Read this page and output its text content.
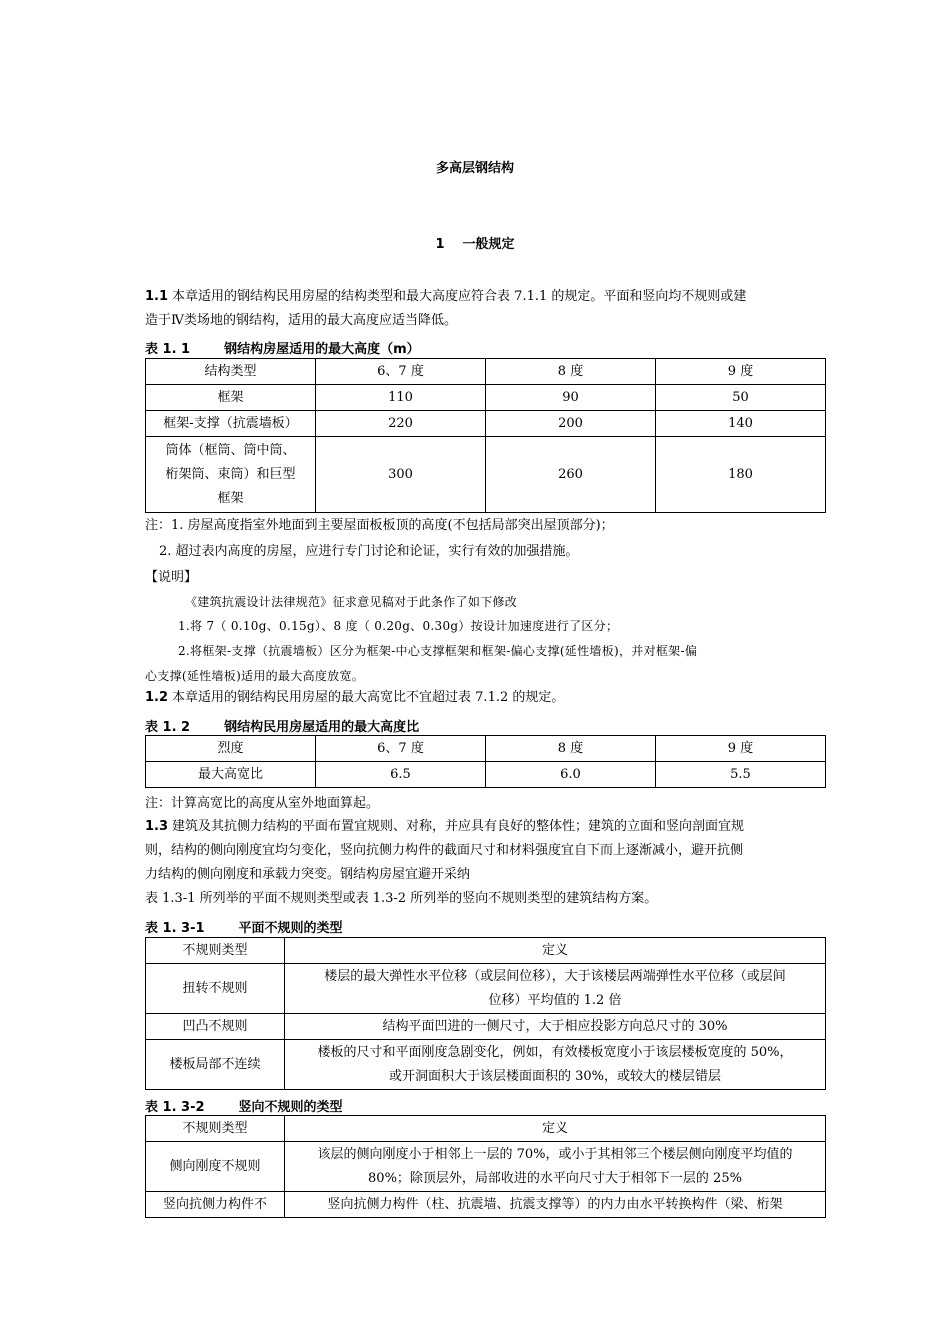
多高层钢结构
1 一般规定
1.1 本章适用的钢结构民用房屋的结构类型和最大高度应符合表 7.1.1 的规定。平面和竖向均不规则或建
造于Ⅳ类场地的钢结构，适用的最大高度应适当降低。
表 1. 1	钢结构房屋适用的最大高度（m）
结构类型	6、7 度	8 度	9 度
框架	110	90	50
框架-支撑（抗震墙板）	220	200	140

筒体（框筒、筒中筒、
桁架筒、束筒）和巨型
框架	300	260	180
注：1. 房屋高度指室外地面到主要屋面板板顶的高度(不包括局部突出屋顶部分)；
2. 超过表内高度的房屋，应进行专门讨论和论证，实行有效的加强措施。
【说明】
《建筑抗震设计法律规范》征求意见稿对于此条作了如下修改
1.将 7（ 0.10g、0.15g）、8 度（ 0.20g、0.30g）按设计加速度进行了区分；
2.将框架-支撑（抗震墙板）区分为框架-中心支撑框架和框架-偏心支撑(延性墙板)，并对框架-偏
心支撑(延性墙板)适用的最大高度放宽。
1.2 本章适用的钢结构民用房屋的最大高宽比不宜超过表 7.1.2 的规定。
表 1. 2	钢结构民用房屋适用的最大高度比
烈度	6、7 度	8 度	9 度
最大高宽比	6.5	6.0	5.5
注：计算高宽比的高度从室外地面算起。
1.3 建筑及其抗侧力结构的平面布置宜规则、对称，并应具有良好的整体性；建筑的立面和竖向剖面宜规
则，结构的侧向刚度宜均匀变化，竖向抗侧力构件的截面尺寸和材料强度宜自下而上逐渐减小，避开抗侧
力结构的侧向刚度和承载力突变。钢结构房屋宜避开采纳
表 1.3-1 所列举的平面不规则类型或表 1.3-2 所列举的竖向不规则类型的建筑结构方案。
表 1. 3-1	平面不规则的类型
不规则类型	定义
扭转不规则	楼层的最大弹性水平位移（或层间位移），大于该楼层两端弹性水平位移（或层间
位移）平均值的 1.2 倍

凹凸不规则	结构平面凹进的一侧尺寸，大于相应投影方向总尺寸的 30%
楼板局部不连续	楼板的尺寸和平面刚度急剧变化，例如，有效楼板宽度小于该层楼板宽度的 50%，
或开洞面积大于该层楼面面积的 30%，或较大的楼层错层
表 1. 3-2	竖向不规则的类型
不规则类型	定义
侧向刚度不规则	该层的侧向刚度小于相邻上一层的 70%，或小于其相邻三个楼层侧向刚度平均值的
80%；除顶层外，局部收进的水平向尺寸大于相邻下一层的 25%

竖向抗侧力构件不	竖向抗侧力构件（柱、抗震墙、抗震支撑等）的内力由水平转换构件（梁、桁架
